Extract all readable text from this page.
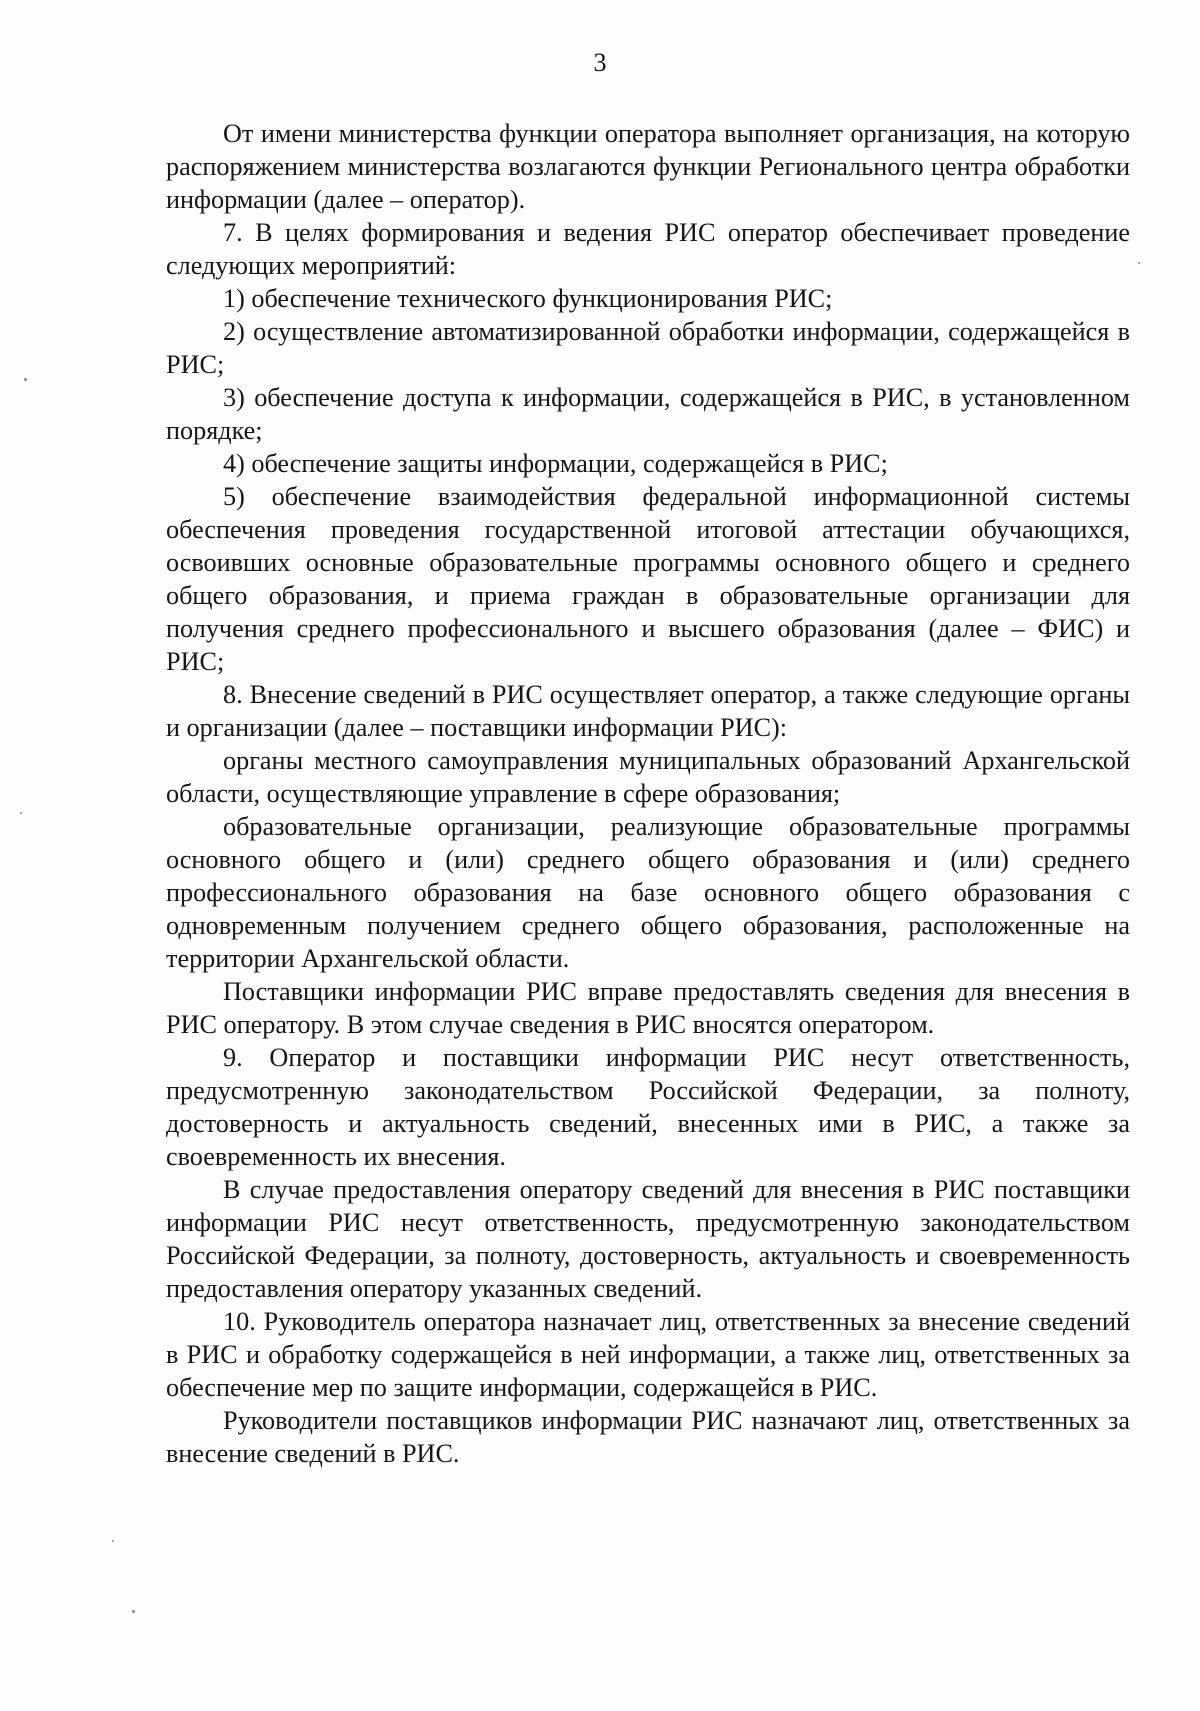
3

От имени министерства функции оператора выполняет организация, на которую распоряжением министерства возлагаются функции Регионального центра обработки информации (далее – оператор).

7. В целях формирования и ведения РИС оператор обеспечивает проведение следующих мероприятий:

1) обеспечение технического функционирования РИС;

2) осуществление автоматизированной обработки информации, содержащейся в РИС;

3) обеспечение доступа к информации, содержащейся в РИС, в установленном порядке;

4) обеспечение защиты информации, содержащейся в РИС;

5) обеспечение взаимодействия федеральной информационной системы обеспечения проведения государственной итоговой аттестации обучающихся, освоивших основные образовательные программы основного общего и среднего общего образования, и приема граждан в образовательные организации для получения среднего профессионального и высшего образования (далее – ФИС) и РИС;

8. Внесение сведений в РИС осуществляет оператор, а также следующие органы и организации (далее – поставщики информации РИС):

органы местного самоуправления муниципальных образований Архангельской области, осуществляющие управление в сфере образования;

образовательные организации, реализующие образовательные программы основного общего и (или) среднего общего образования и (или) среднего профессионального образования на базе основного общего образования с одновременным получением среднего общего образования, расположенные на территории Архангельской области.

Поставщики информации РИС вправе предоставлять сведения для внесения в РИС оператору. В этом случае сведения в РИС вносятся оператором.

9. Оператор и поставщики информации РИС несут ответственность, предусмотренную законодательством Российской Федерации, за полноту, достоверность и актуальность сведений, внесенных ими в РИС, а также за своевременность их внесения.

В случае предоставления оператору сведений для внесения в РИС поставщики информации РИС несут ответственность, предусмотренную законодательством Российской Федерации, за полноту, достоверность, актуальность и своевременность предоставления оператору указанных сведений.

10. Руководитель оператора назначает лиц, ответственных за внесение сведений в РИС и обработку содержащейся в ней информации, а также лиц, ответственных за обеспечение мер по защите информации, содержащейся в РИС.

Руководители поставщиков информации РИС назначают лиц, ответственных за внесение сведений в РИС.
